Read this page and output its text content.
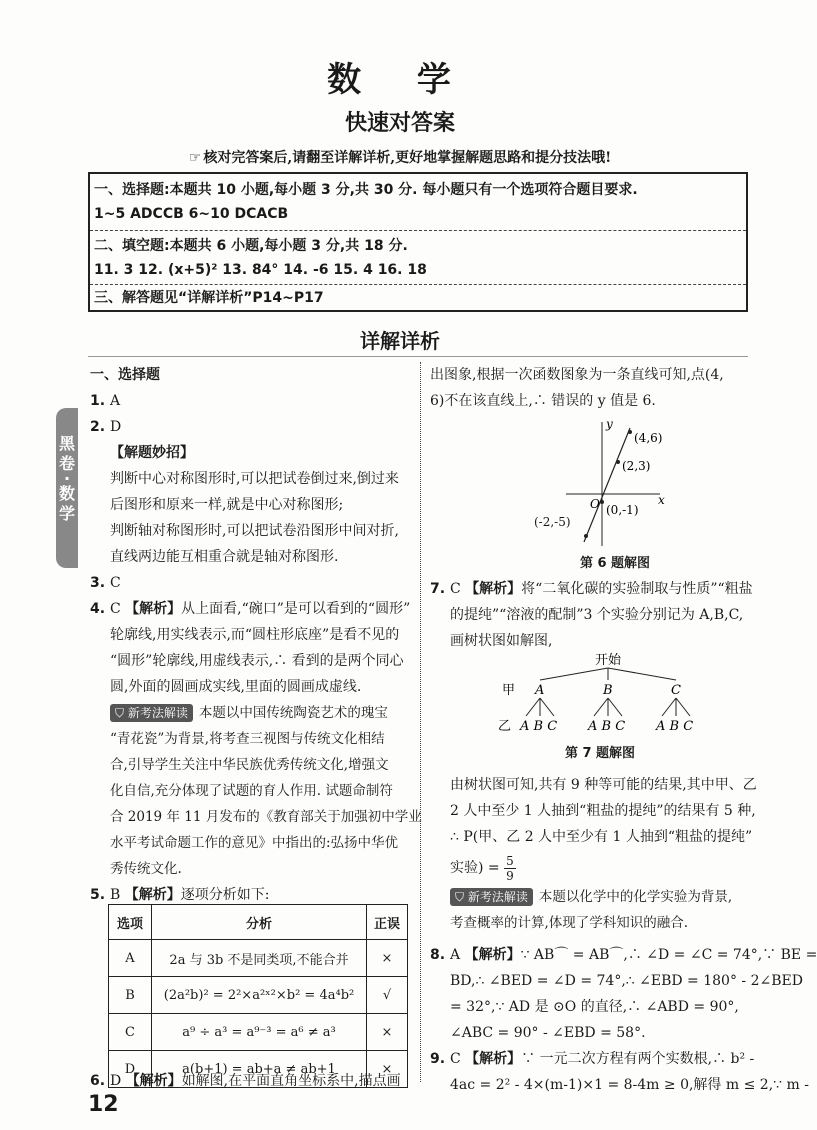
数 学
快速对答案
☞ 核对完答案后,请翻至详解详析,更好地掌握解题思路和提分技法哦!
一、选择题:本题共 10 小题,每小题 3 分,共 30 分. 每小题只有一个选项符合题目要求.
1~5 ADCCB 6~10 DCACB
二、填空题:本题共 6 小题,每小题 3 分,共 18 分.
11. 3 12. (x+5)² 13. 84° 14. -6 15. 4 16. 18
三、解答题见“详解详析”P14~P17
详解详析
黑
卷
·
数
学
一、选择题
1. A
2. D
【解题妙招】
判断中心对称图形时,可以把试卷倒过来,倒过来
后图形和原来一样,就是中心对称图形;
判断轴对称图形时,可以把试卷沿图形中间对折,
直线两边能互相重合就是轴对称图形.
3. C
4. C 【解析】从上面看,“碗口”是可以看到的“圆形”
轮廓线,用实线表示,而“圆柱形底座”是看不见的
“圆形”轮廓线,用虚线表示,∴ 看到的是两个同心
圆,外面的圆画成实线,里面的圆画成虚线.
⛉ 新考法解读 本题以中国传统陶瓷艺术的瑰宝
“青花瓷”为背景,将考查三视图与传统文化相结
合,引导学生关注中华民族优秀传统文化,增强文
化自信,充分体现了试题的育人作用. 试题命制符
合 2019 年 11 月发布的《教育部关于加强初中学业
水平考试命题工作的意见》中指出的:弘扬中华优
秀传统文化.
5. B 【解析】逐项分析如下:
选项	分析	正误
A	2a 与 3b 不是同类项,不能合并	×
B	(2a²b)² = 2²×a²ˣ²×b² = 4a⁴b²	√
C	a⁹ ÷ a³ = a⁹⁻³ = a⁶ ≠ a³	×
D	a(b+1) = ab+a ≠ ab+1	×
6. D 【解析】如解图,在平面直角坐标系中,描点画
出图象,根据一次函数图象为一条直线可知,点(4,
6)不在该直线上,∴ 错误的 y 值是 6.
y
x
O
(4,6)
(2,3)
(0,-1)
(-2,-5)
第 6 题解图
7. C 【解析】将“二氧化碳的实验制取与性质”“粗盐
的提纯”“溶液的配制”3 个实验分别记为 A,B,C,
画树状图如解图,
开始
甲 A	B	C
乙 A B C A B C A B C
第 7 题解图
由树状图可知,共有 9 种等可能的结果,其中甲、乙
2 人中至少 1 人抽到“粗盐的提纯”的结果有 5 种,
∴ P(甲、乙 2 人中至少有 1 人抽到“粗盐的提纯”
实验) = $\frac{5}{9}$
⛉ 新考法解读 本题以化学中的化学实验为背景,
考查概率的计算,体现了学科知识的融合.
8. A 【解析】∵ AB⌒ = AB⌒,∴ ∠D = ∠C = 74°,∵ BE =
BD,∴ ∠BED = ∠D = 74°,∴ ∠EBD = 180° - 2∠BED
= 32°,∵ AD 是 ⊙O 的直径,∴ ∠ABD = 90°,
∠ABC = 90° - ∠EBD = 58°.
9. C 【解析】∵ 一元二次方程有两个实数根,∴ b² -
4ac = 2² - 4×(m-1)×1 = 8-4m ≥ 0,解得 m ≤ 2,∵ m -
12
